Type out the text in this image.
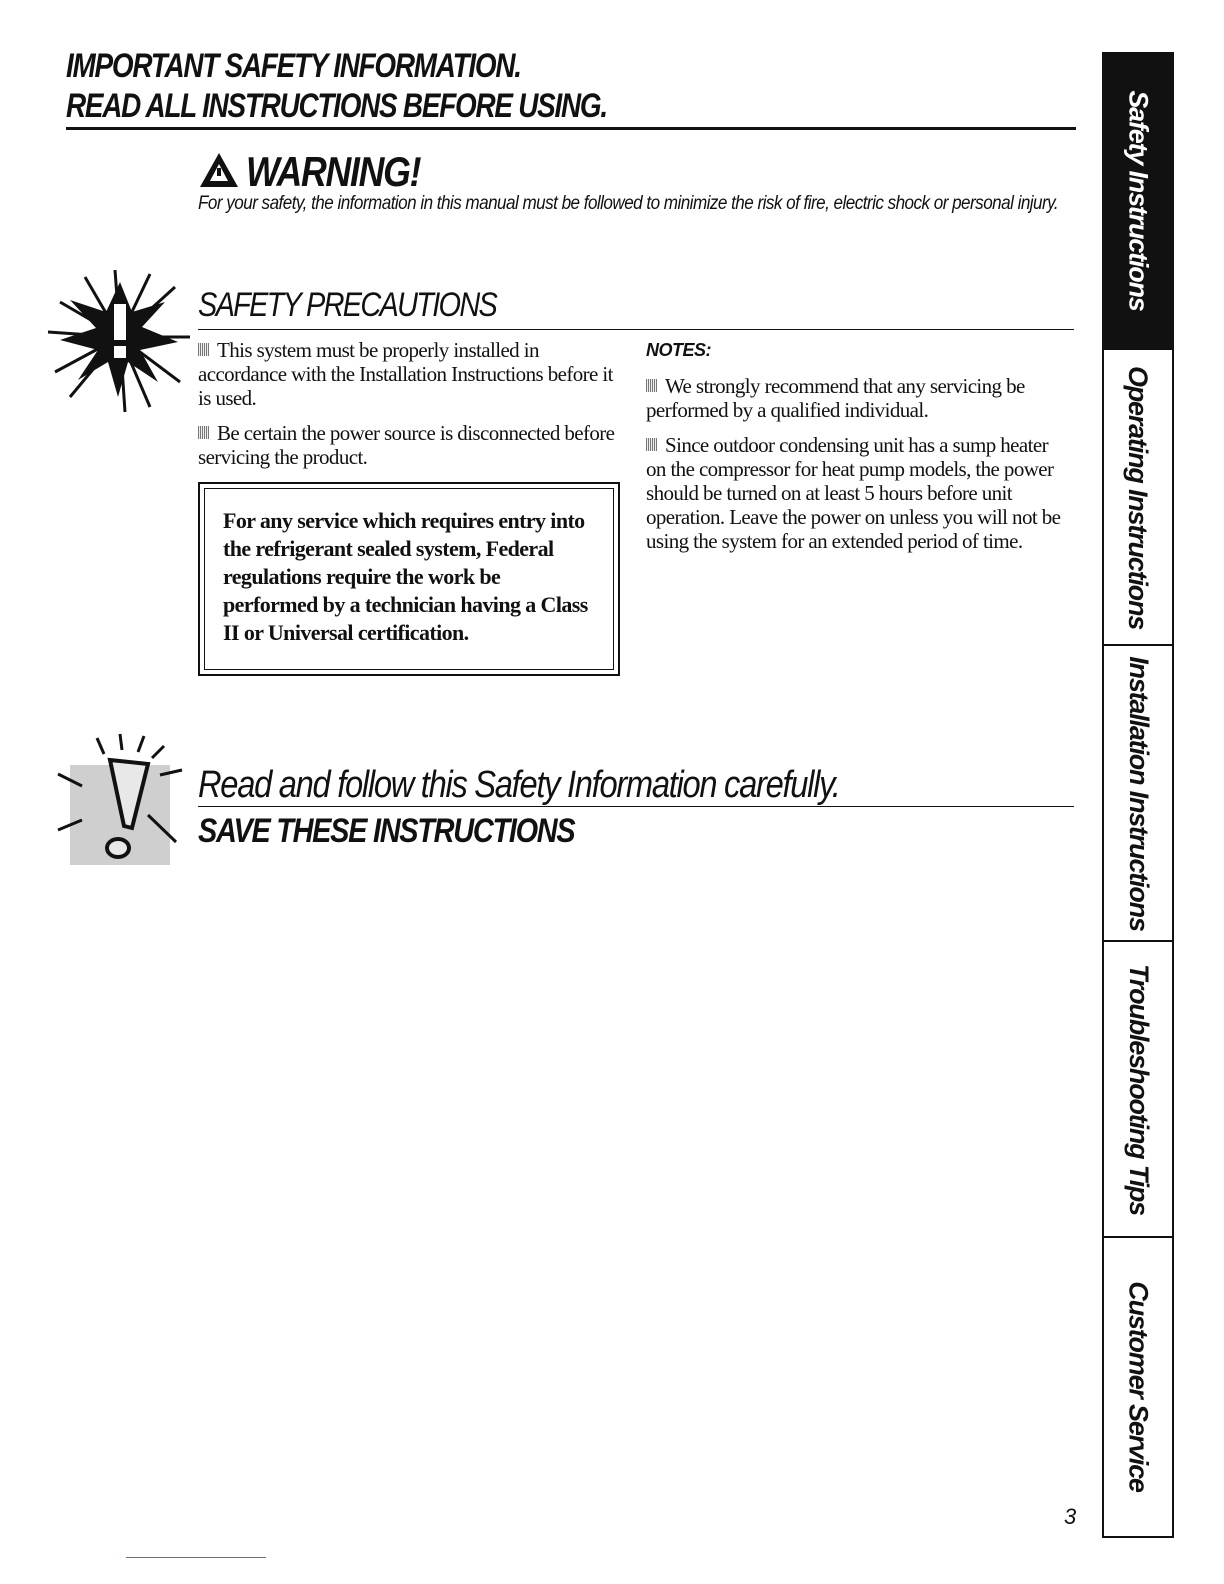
IMPORTANT SAFETY INFORMATION.
READ ALL INSTRUCTIONS BEFORE USING.
WARNING!
For your safety, the information in this manual must be followed to minimize the risk of fire, electric shock or personal injury.
SAFETY PRECAUTIONS
This system must be properly installed in accordance with the Installation Instructions before it is used.
Be certain the power source is disconnected before servicing the product.
For any service which requires entry into the refrigerant sealed system, Federal regulations require the work be performed by a technician having a Class II or Universal certification.
NOTES:
We strongly recommend that any servicing be performed by a qualified individual.
Since outdoor condensing unit has a sump heater on the compressor for heat pump models, the power should be turned on at least 5 hours before unit operation. Leave the power on unless you will not be using the system for an extended period of time.
Read and follow this Safety Information carefully.
SAVE THESE INSTRUCTIONS
Safety Instructions
Operating Instructions
Installation Instructions
Troubleshooting Tips
Customer Service
3
